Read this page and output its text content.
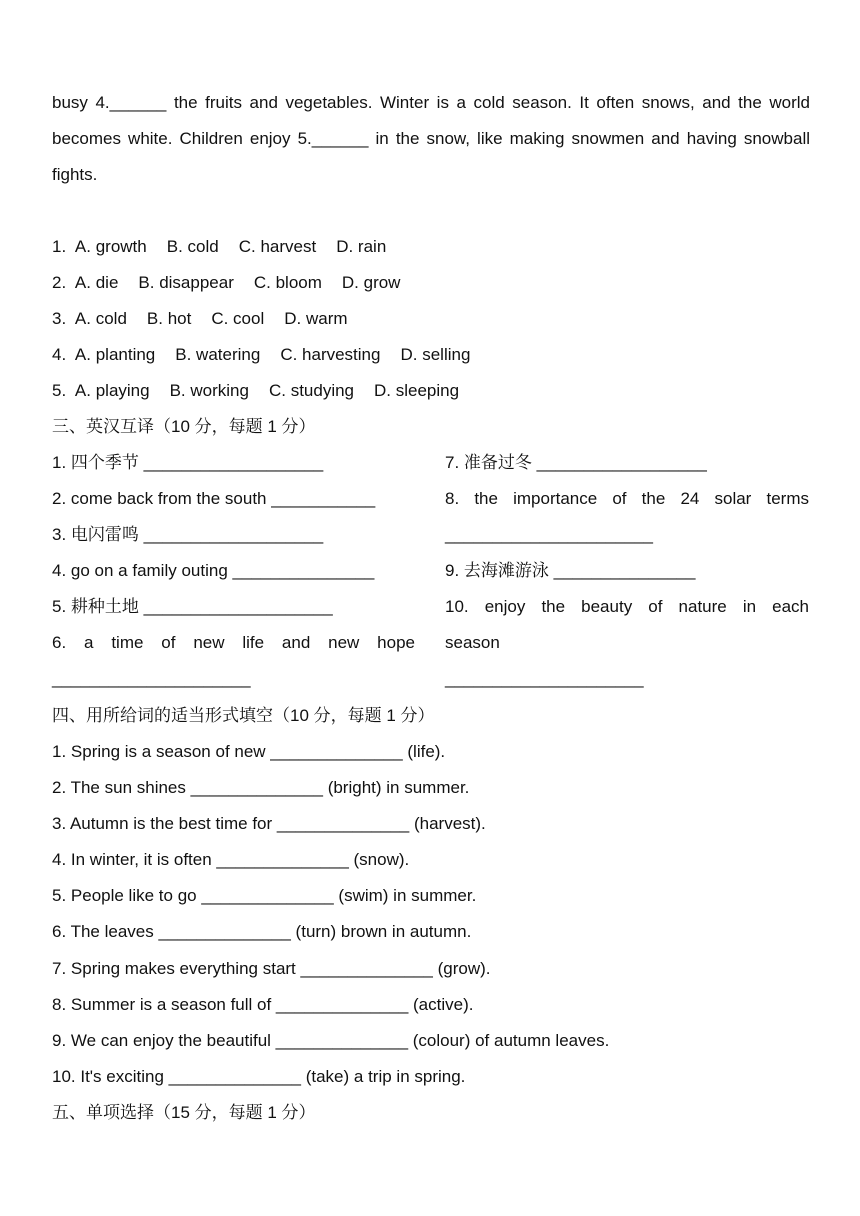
busy 4.______ the fruits and vegetables. Winter is a cold season. It often snows, and the world becomes white. Children enjoy 5.______ in the snow, like making snowmen and having snowball fights.

1. A. growth B. cold C. harvest D. rain
2. A. die B. disappear C. bloom D. grow
3. A. cold B. hot C. cool D. warm
4. A. planting B. watering C. harvesting D. selling
5. A. playing B. working C. studying D. sleeping
三、英汉互译（10 分，每题 1 分）
1. 四个季节 ___________________
2. come back from the south ___________
3. 电闪雷鸣 ___________________
4. go on a family outing _______________
5. 耕种土地 ____________________
6. a time of new life and new hope
_____________________
7. 准备过冬 __________________
8. the importance of the 24 solar terms
______________________
9. 去海滩游泳 _______________
10. enjoy the beauty of nature in each
season
_____________________
四、用所给词的适当形式填空（10 分，每题 1 分）
1. Spring is a season of new ______________ (life).
2. The sun shines ______________ (bright) in summer.
3. Autumn is the best time for ______________ (harvest).
4. In winter, it is often ______________ (snow).
5. People like to go ______________ (swim) in summer.
6. The leaves ______________ (turn) brown in autumn.
7. Spring makes everything start ______________ (grow).
8. Summer is a season full of ______________ (active).
9. We can enjoy the beautiful ______________ (colour) of autumn leaves.
10. It's exciting ______________ (take) a trip in spring.
五、单项选择（15 分，每题 1 分）
